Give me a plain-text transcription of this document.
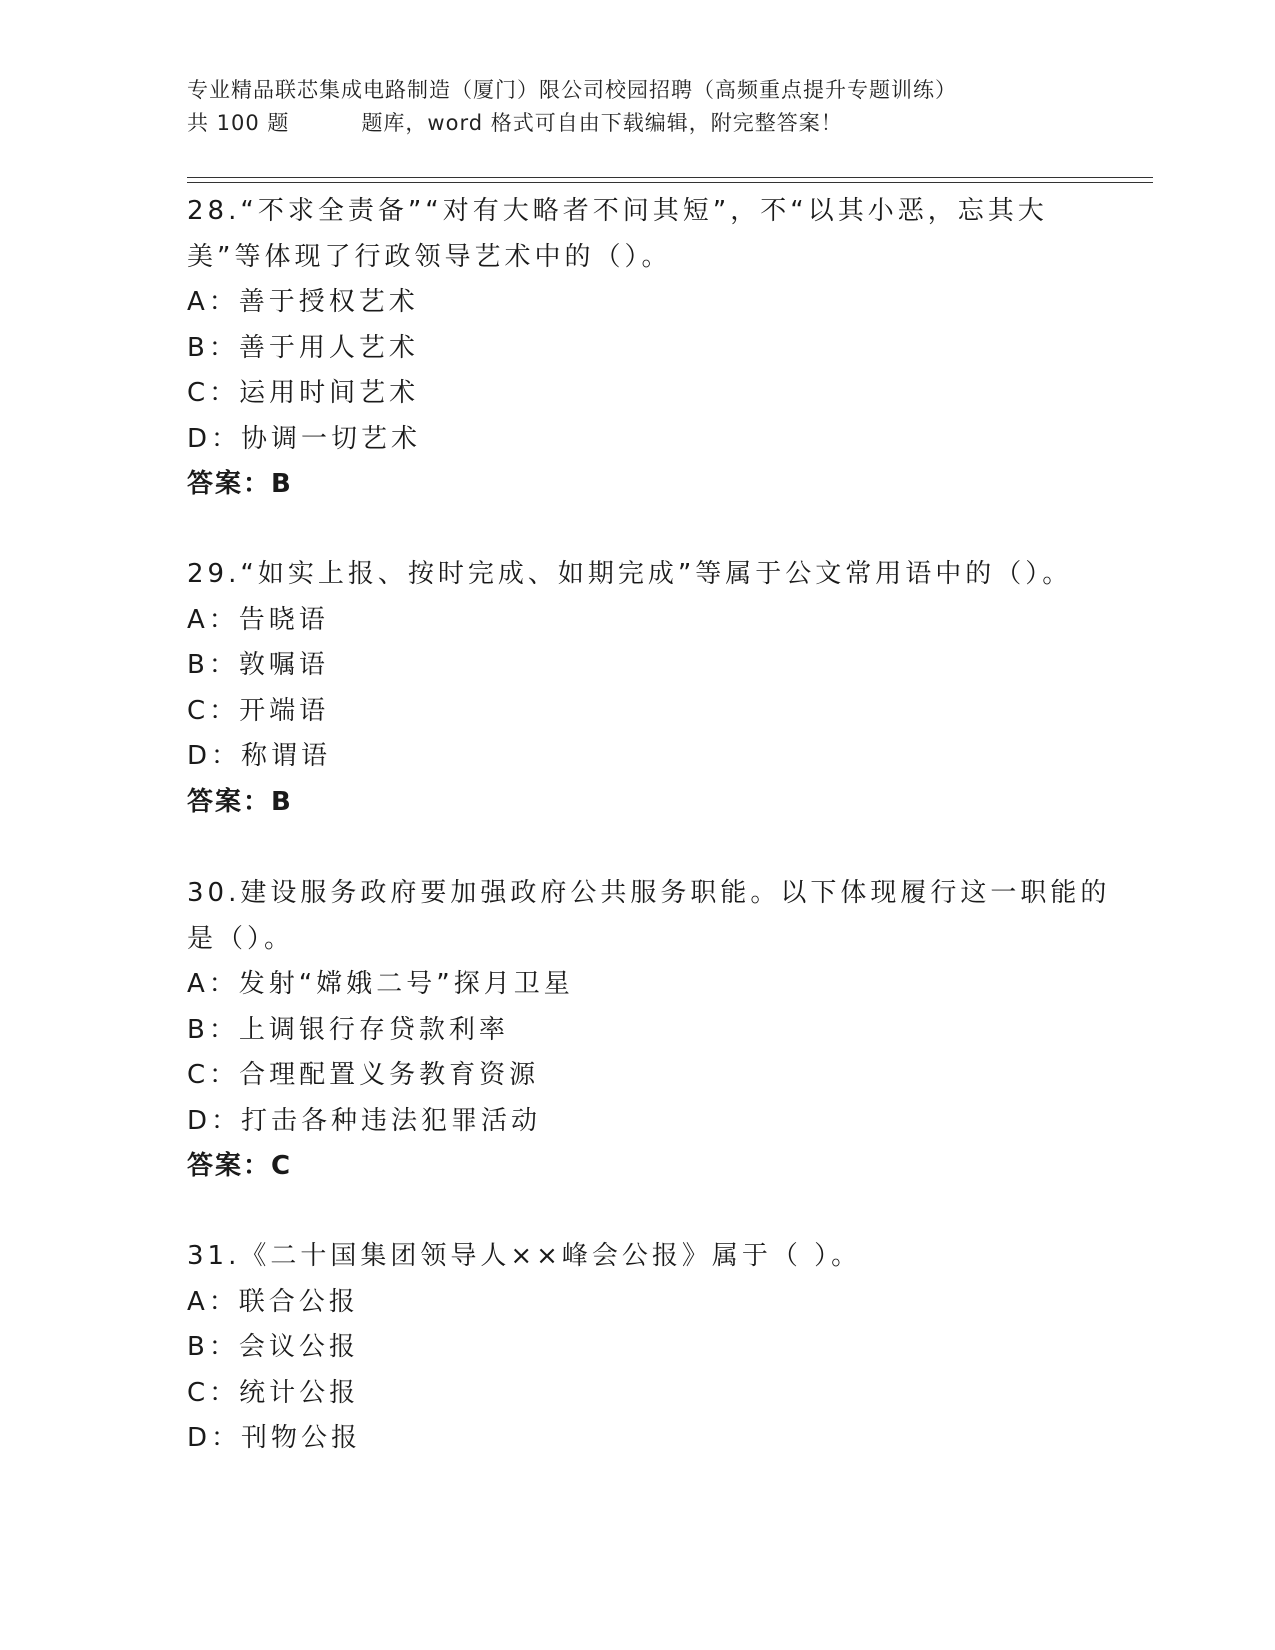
专业精品联芯集成电路制造（厦门）限公司校园招聘（高频重点提升专题训练）
共 100 题	题库，word 格式可自由下载编辑，附完整答案！
28.“不求全责备”“对有大略者不问其短”，不“以其小恶，忘其大
美”等体现了行政领导艺术中的（）。
A：善于授权艺术
B：善于用人艺术
C：运用时间艺术
D：协调一切艺术
答案：B
29.“如实上报、按时完成、如期完成”等属于公文常用语中的（）。
A：告晓语
B：敦嘱语
C：开端语
D：称谓语
答案：B
30.建设服务政府要加强政府公共服务职能。以下体现履行这一职能的
是（）。
A：发射“嫦娥二号”探月卫星
B：上调银行存贷款利率
C：合理配置义务教育资源
D：打击各种违法犯罪活动
答案：C
31.《二十国集团领导人××峰会公报》属于（ ）。
A：联合公报
B：会议公报
C：统计公报
D：刊物公报
